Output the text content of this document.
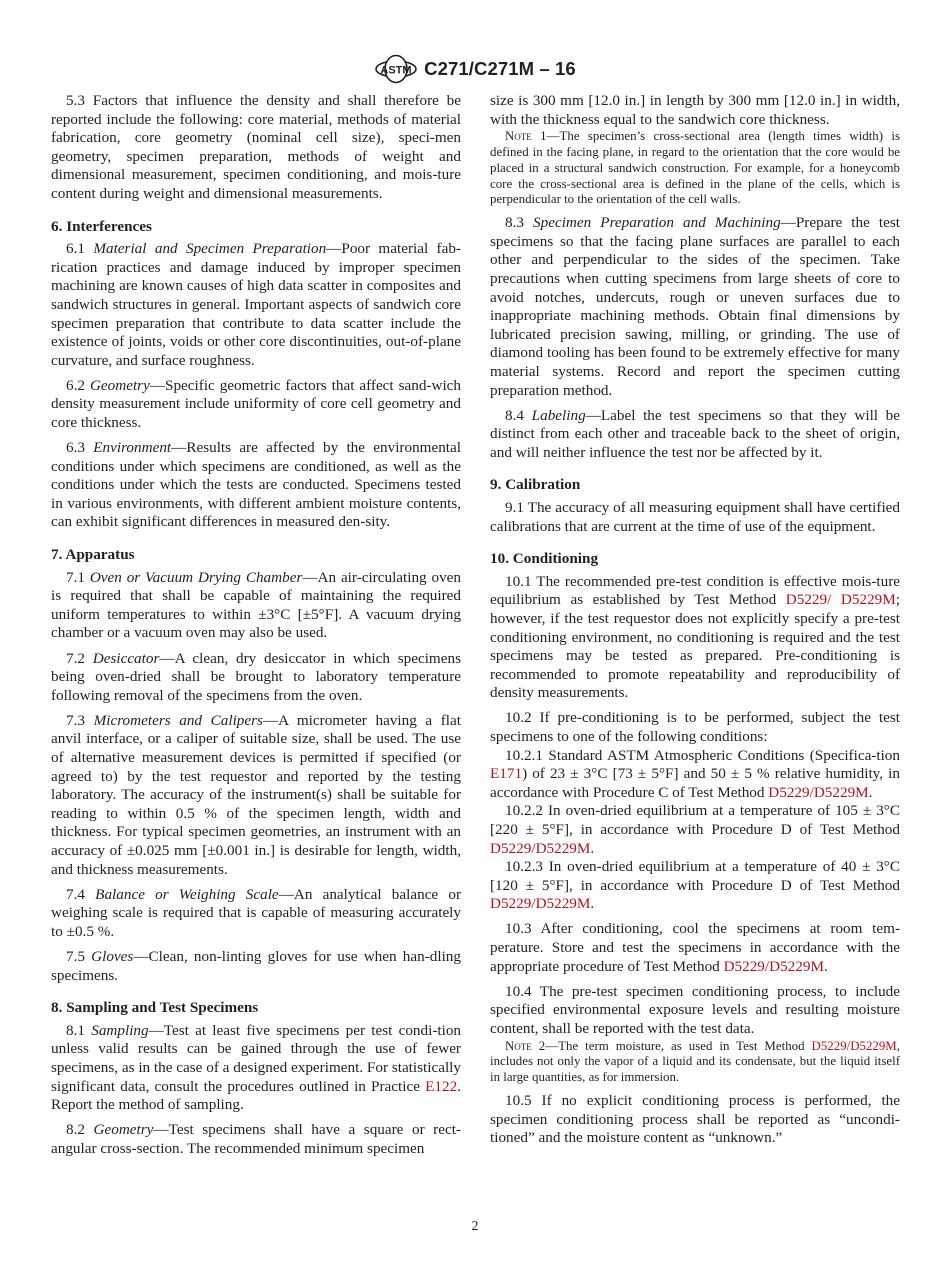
ASTM C271/C271M – 16

5.3 Factors that influence the density and shall therefore be reported include the following: core material, methods of material fabrication, core geometry (nominal cell size), speci-men geometry, specimen preparation, methods of weight and dimensional measurement, specimen conditioning, and mois-ture content during weight and dimensional measurements.

6. Interferences

6.1 Material and Specimen Preparation—Poor material fab-rication practices and damage induced by improper specimen machining are known causes of high data scatter in composites and sandwich structures in general. Important aspects of sandwich core specimen preparation that contribute to data scatter include the existence of joints, voids or other core discontinuities, out-of-plane curvature, and surface roughness.

6.2 Geometry—Specific geometric factors that affect sand-wich density measurement include uniformity of core cell geometry and core thickness.

6.3 Environment—Results are affected by the environmental conditions under which specimens are conditioned, as well as the conditions under which the tests are conducted. Specimens tested in various environments, with different ambient moisture contents, can exhibit significant differences in measured den-sity.

7. Apparatus

7.1 Oven or Vacuum Drying Chamber—An air-circulating oven is required that shall be capable of maintaining the required uniform temperatures to within ±3°C [±5°F]. A vacuum drying chamber or a vacuum oven may also be used.

7.2 Desiccator—A clean, dry desiccator in which specimens being oven-dried shall be brought to laboratory temperature following removal of the specimens from the oven.

7.3 Micrometers and Calipers—A micrometer having a flat anvil interface, or a caliper of suitable size, shall be used. The use of alternative measurement devices is permitted if specified (or agreed to) by the test requestor and reported by the testing laboratory. The accuracy of the instrument(s) shall be suitable for reading to within 0.5 % of the specimen length, width and thickness. For typical specimen geometries, an instrument with an accuracy of ±0.025 mm [±0.001 in.] is desirable for length, width, and thickness measurements.

7.4 Balance or Weighing Scale—An analytical balance or weighing scale is required that is capable of measuring accurately to ±0.5 %.

7.5 Gloves—Clean, non-linting gloves for use when han-dling specimens.

8. Sampling and Test Specimens

8.1 Sampling—Test at least five specimens per test condi-tion unless valid results can be gained through the use of fewer specimens, as in the case of a designed experiment. For statistically significant data, consult the procedures outlined in Practice E122. Report the method of sampling.

8.2 Geometry—Test specimens shall have a square or rect-angular cross-section. The recommended minimum specimen

size is 300 mm [12.0 in.] in length by 300 mm [12.0 in.] in width, with the thickness equal to the sandwich core thickness.

Note 1—The specimen’s cross-sectional area (length times width) is defined in the facing plane, in regard to the orientation that the core would be placed in a structural sandwich construction. For example, for a honeycomb core the cross-sectional area is defined in the plane of the cells, which is perpendicular to the orientation of the cell walls.

8.3 Specimen Preparation and Machining—Prepare the test specimens so that the facing plane surfaces are parallel to each other and perpendicular to the sides of the specimen. Take precautions when cutting specimens from large sheets of core to avoid notches, undercuts, rough or uneven surfaces due to inappropriate machining methods. Obtain final dimensions by lubricated precision sawing, milling, or grinding. The use of diamond tooling has been found to be extremely effective for many material systems. Record and report the specimen cutting preparation method.

8.4 Labeling—Label the test specimens so that they will be distinct from each other and traceable back to the sheet of origin, and will neither influence the test nor be affected by it.

9. Calibration

9.1 The accuracy of all measuring equipment shall have certified calibrations that are current at the time of use of the equipment.

10. Conditioning

10.1 The recommended pre-test condition is effective mois-ture equilibrium as established by Test Method D5229/ D5229M; however, if the test requestor does not explicitly specify a pre-test conditioning environment, no conditioning is required and the test specimens may be tested as prepared. Pre-conditioning is recommended to promote repeatability and reproducibility of density measurements.

10.2 If pre-conditioning is to be performed, subject the test specimens to one of the following conditions:

10.2.1 Standard ASTM Atmospheric Conditions (Specifica-tion E171) of 23 ± 3°C [73 ± 5°F] and 50 ± 5 % relative humidity, in accordance with Procedure C of Test Method D5229/D5229M.

10.2.2 In oven-dried equilibrium at a temperature of 105 ± 3°C [220 ± 5°F], in accordance with Procedure D of Test Method D5229/D5229M.

10.2.3 In oven-dried equilibrium at a temperature of 40 ± 3°C [120 ± 5°F], in accordance with Procedure D of Test Method D5229/D5229M.

10.3 After conditioning, cool the specimens at room tem-perature. Store and test the specimens in accordance with the appropriate procedure of Test Method D5229/D5229M.

10.4 The pre-test specimen conditioning process, to include specified environmental exposure levels and resulting moisture content, shall be reported with the test data.

Note 2—The term moisture, as used in Test Method D5229/D5229M, includes not only the vapor of a liquid and its condensate, but the liquid itself in large quantities, as for immersion.

10.5 If no explicit conditioning process is performed, the specimen conditioning process shall be reported as “uncondi-tioned” and the moisture content as “unknown.”

2
